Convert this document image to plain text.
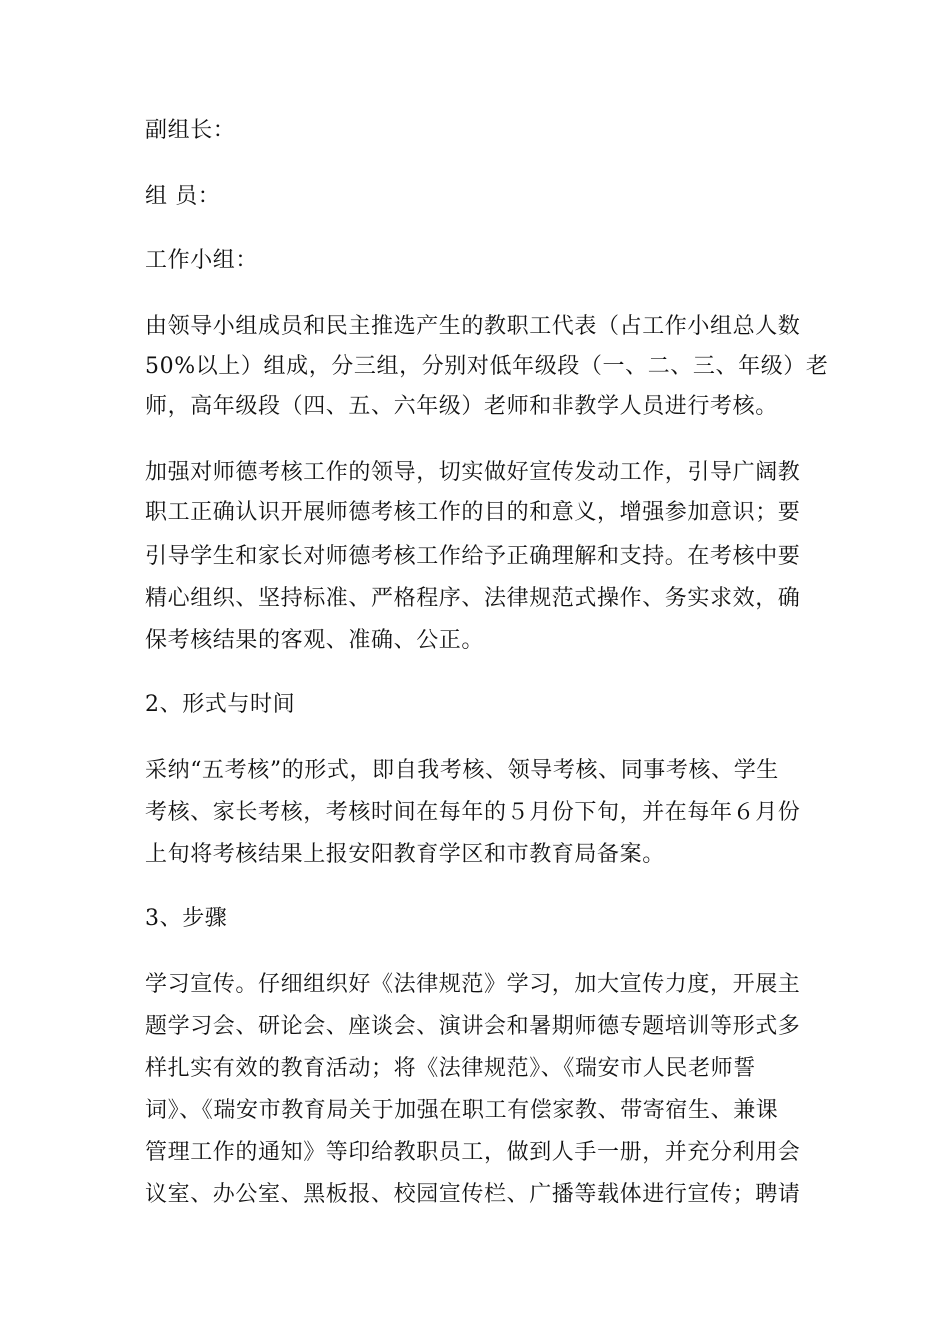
副组长：
组 员：
工作小组：
由领导小组成员和民主推选产生的教职工代表（占工作小组总人数
50%以上）组成，分三组，分别对低年级段（一、二、三、年级）老
师，高年级段（四、五、六年级）老师和非教学人员进行考核。
加强对师德考核工作的领导，切实做好宣传发动工作，引导广阔教
职工正确认识开展师德考核工作的目的和意义，增强参加意识；要
引导学生和家长对师德考核工作给予正确理解和支持。在考核中要
精心组织、坚持标准、严格程序、法律规范式操作、务实求效，确
保考核结果的客观、准确、公正。
2、形式与时间
采纳“五考核”的形式，即自我考核、领导考核、同事考核、学生
考核、家长考核，考核时间在每年的５月份下旬，并在每年６月份
上旬将考核结果上报安阳教育学区和市教育局备案。
3、步骤
学习宣传。仔细组织好《法律规范》学习，加大宣传力度，开展主
题学习会、研论会、座谈会、演讲会和暑期师德专题培训等形式多
样扎实有效的教育活动；将《法律规范》、《瑞安市人民老师誓
词》、《瑞安市教育局关于加强在职工有偿家教、带寄宿生、兼课
管理工作的通知》等印给教职员工，做到人手一册，并充分利用会
议室、办公室、黑板报、校园宣传栏、广播等载体进行宣传；聘请
